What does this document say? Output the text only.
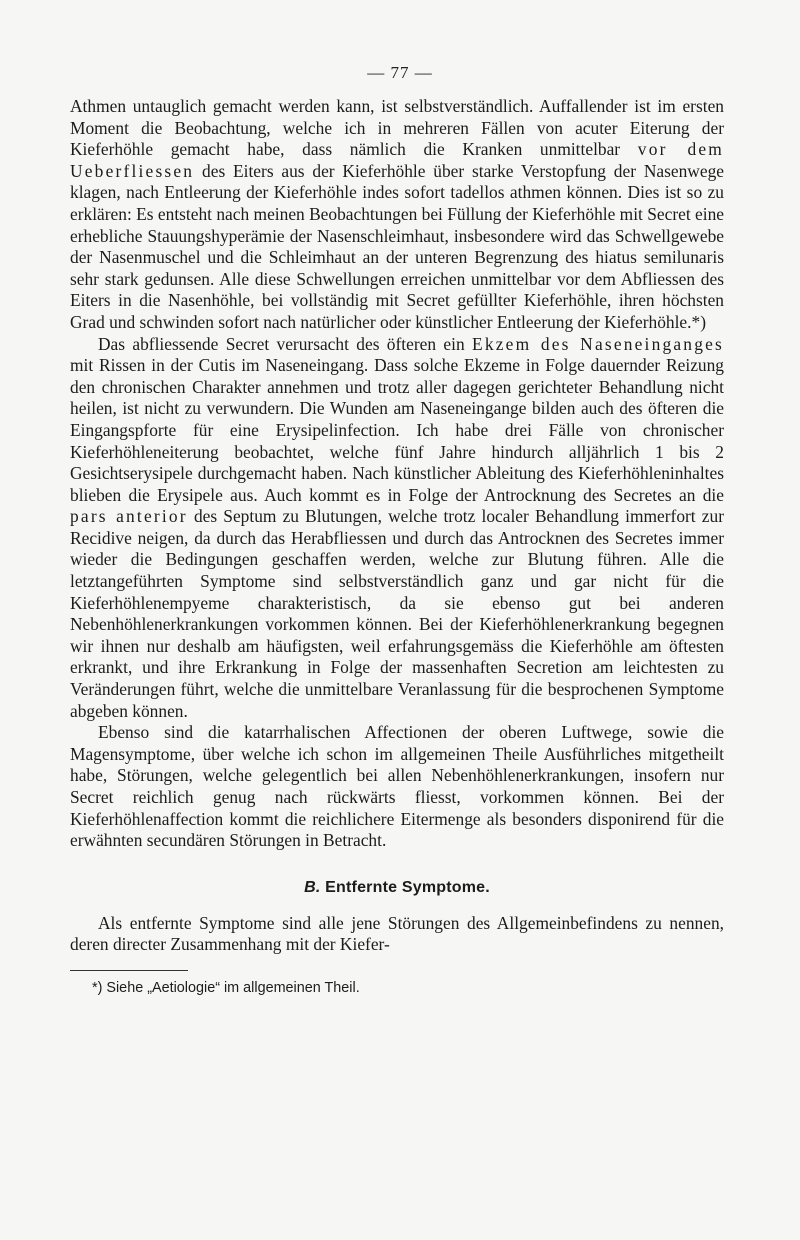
— 77 —

Athmen untauglich gemacht werden kann, ist selbstverständlich. Auffallender ist im ersten Moment die Beobachtung, welche ich in mehreren Fällen von acuter Eiterung der Kieferhöhle gemacht habe, dass nämlich die Kranken unmittelbar vor dem Ueberfliessen des Eiters aus der Kieferhöhle über starke Verstopfung der Nasenwege klagen, nach Entleerung der Kieferhöhle indes sofort tadellos athmen können. Dies ist so zu erklären: Es entsteht nach meinen Beobachtungen bei Füllung der Kieferhöhle mit Secret eine erhebliche Stauungshyperämie der Nasenschleimhaut, insbesondere wird das Schwellgewebe der Nasenmuschel und die Schleimhaut an der unteren Begrenzung des hiatus semilunaris sehr stark gedunsen. Alle diese Schwellungen erreichen unmittelbar vor dem Abfliessen des Eiters in die Nasenhöhle, bei vollständig mit Secret gefüllter Kieferhöhle, ihren höchsten Grad und schwinden sofort nach natürlicher oder künstlicher Entleerung der Kieferhöhle.*)

Das abfliessende Secret verursacht des öfteren ein Ekzem des Naseneinganges mit Rissen in der Cutis im Naseneingang. Dass solche Ekzeme in Folge dauernder Reizung den chronischen Charakter annehmen und trotz aller dagegen gerichteter Behandlung nicht heilen, ist nicht zu verwundern. Die Wunden am Naseneingange bilden auch des öfteren die Eingangspforte für eine Erysipelinfection. Ich habe drei Fälle von chronischer Kieferhöhleneiterung beobachtet, welche fünf Jahre hindurch alljährlich 1 bis 2 Gesichtserysipele durchgemacht haben. Nach künstlicher Ableitung des Kieferhöhleninhaltes blieben die Erysipele aus. Auch kommt es in Folge der Antrocknung des Secretes an die pars anterior des Septum zu Blutungen, welche trotz localer Behandlung immerfort zur Recidive neigen, da durch das Herabfliessen und durch das Antrocknen des Secretes immer wieder die Bedingungen geschaffen werden, welche zur Blutung führen. Alle die letztangeführten Symptome sind selbstverständlich ganz und gar nicht für die Kieferhöhlenempyeme charakteristisch, da sie ebenso gut bei anderen Nebenhöhlenerkrankungen vorkommen können. Bei der Kieferhöhlenerkrankung begegnen wir ihnen nur deshalb am häufigsten, weil erfahrungsgemäss die Kieferhöhle am öftesten erkrankt, und ihre Erkrankung in Folge der massenhaften Secretion am leichtesten zu Veränderungen führt, welche die unmittelbare Veranlassung für die besprochenen Symptome abgeben können.

Ebenso sind die katarrhalischen Affectionen der oberen Luftwege, sowie die Magensymptome, über welche ich schon im allgemeinen Theile Ausführliches mitgetheilt habe, Störungen, welche gelegentlich bei allen Nebenhöhlenerkrankungen, insofern nur Secret reichlich genug nach rückwärts fliesst, vorkommen können. Bei der Kieferhöhlenaffection kommt die reichlichere Eitermenge als besonders disponirend für die erwähnten secundären Störungen in Betracht.

B. Entfernte Symptome.

Als entfernte Symptome sind alle jene Störungen des Allgemeinbefindens zu nennen, deren directer Zusammenhang mit der Kiefer-

*) Siehe „Aetiologie“ im allgemeinen Theil.
